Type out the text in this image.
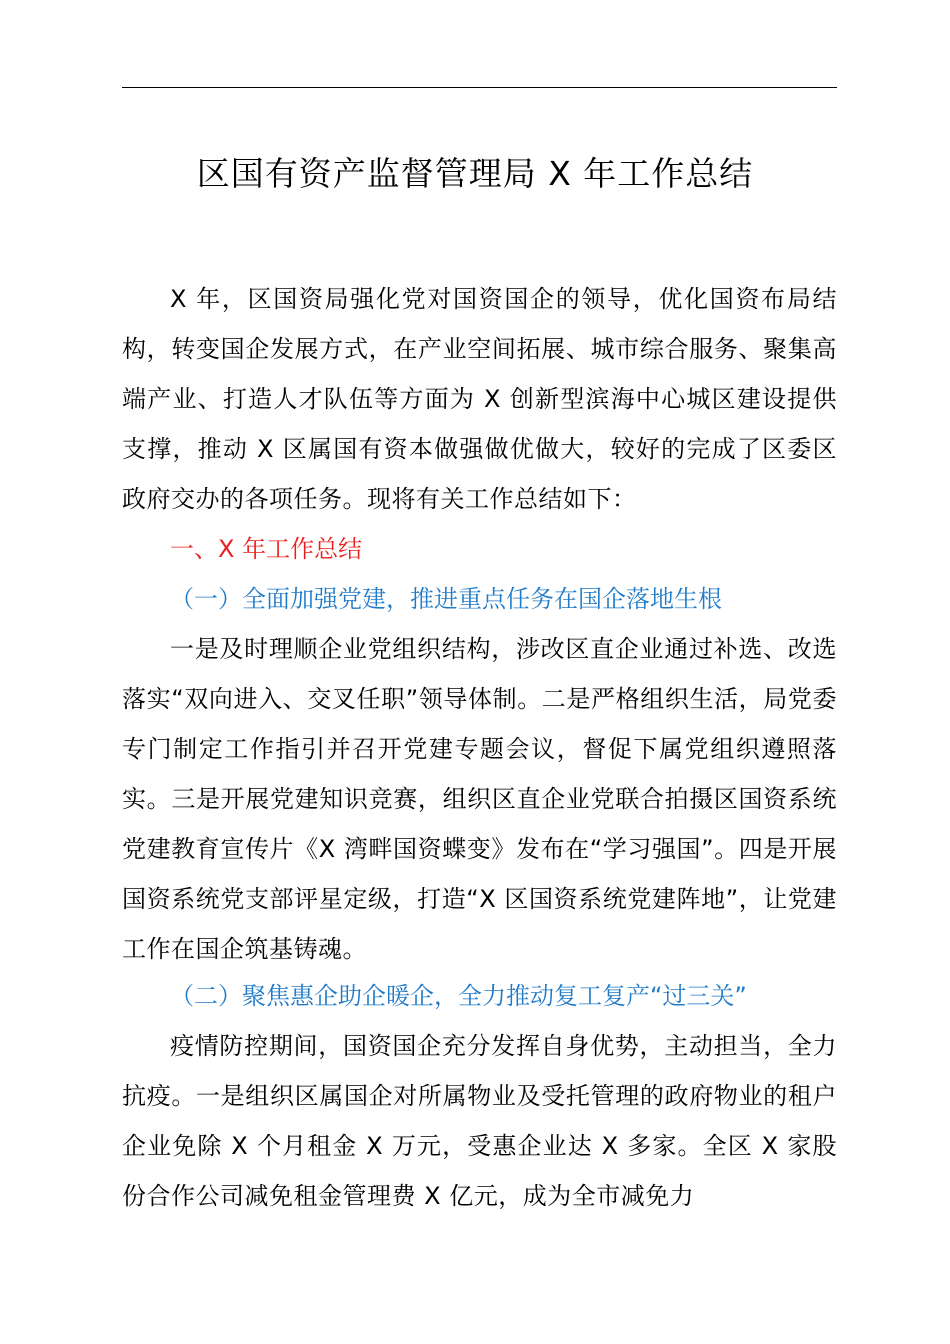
区国有资产监督管理局 X 年工作总结

X 年，区国资局强化党对国资国企的领导，优化国资布局结构，转变国企发展方式，在产业空间拓展、城市综合服务、聚集高端产业、打造人才队伍等方面为 X 创新型滨海中心城区建设提供支撑，推动 X 区属国有资本做强做优做大，较好的完成了区委区政府交办的各项任务。现将有关工作总结如下：

一、X 年工作总结

（一）全面加强党建，推进重点任务在国企落地生根

一是及时理顺企业党组织结构，涉改区直企业通过补选、改选落实“双向进入、交叉任职”领导体制。二是严格组织生活，局党委专门制定工作指引并召开党建专题会议，督促下属党组织遵照落实。三是开展党建知识竞赛，组织区直企业党联合拍摄区国资系统党建教育宣传片《X 湾畔国资蝶变》发布在“学习强国”。四是开展国资系统党支部评星定级，打造“X 区国资系统党建阵地”，让党建工作在国企筑基铸魂。

（二）聚焦惠企助企暖企，全力推动复工复产“过三关”

疫情防控期间，国资国企充分发挥自身优势，主动担当，全力抗疫。一是组织区属国企对所属物业及受托管理的政府物业的租户企业免除 X 个月租金 X 万元，受惠企业达 X 多家。全区 X 家股份合作公司减免租金管理费 X 亿元，成为全市减免力
